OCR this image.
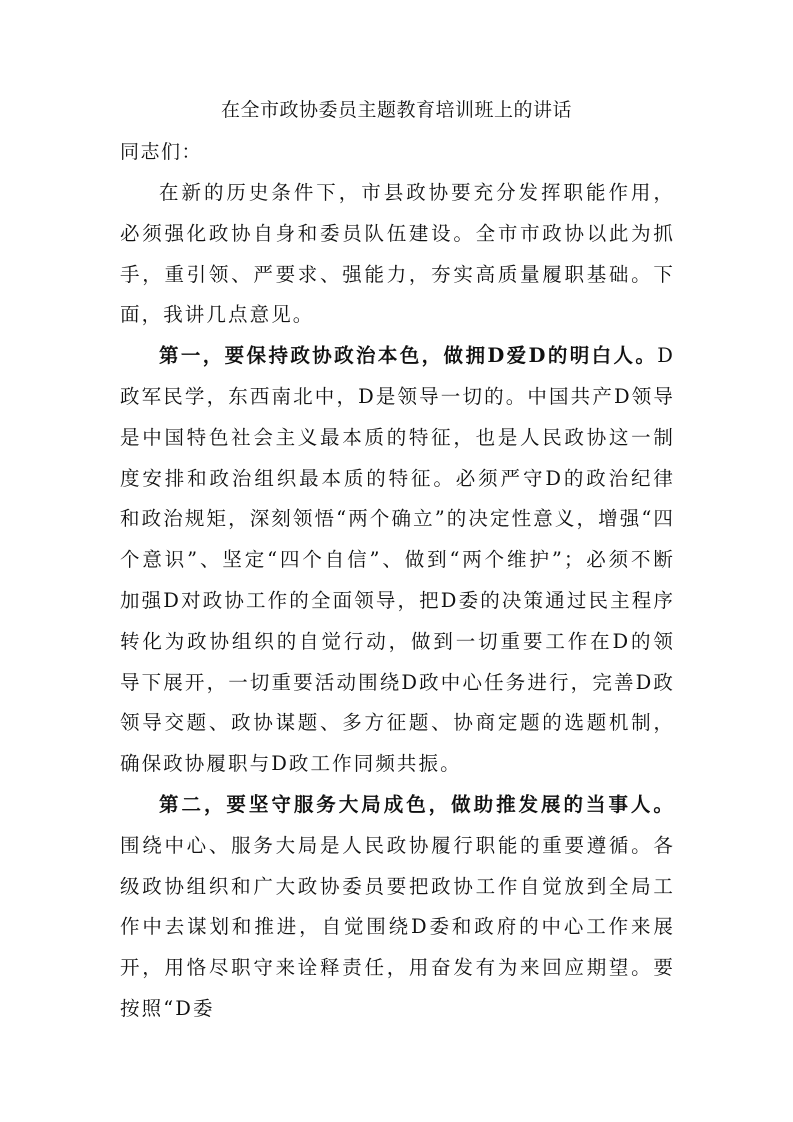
在全市政协委员主题教育培训班上的讲话
同志们：

在新的历史条件下，市县政协要充分发挥职能作用，必须强化政协自身和委员队伍建设。全市市政协以此为抓手，重引领、严要求、强能力，夯实高质量履职基础。下面，我讲几点意见。

第一，要保持政协政治本色，做拥D爱D的明白人。D政军民学，东西南北中，D是领导一切的。中国共产D领导是中国特色社会主义最本质的特征，也是人民政协这一制度安排和政治组织最本质的特征。必须严守D的政治纪律和政治规矩，深刻领悟“两个确立”的决定性意义，增强“四个意识”、坚定“四个自信”、做到“两个维护”；必须不断加强D对政协工作的全面领导，把D委的决策通过民主程序转化为政协组织的自觉行动，做到一切重要工作在D的领导下展开，一切重要活动围绕D政中心任务进行，完善D政领导交题、政协谋题、多方征题、协商定题的选题机制，确保政协履职与D政工作同频共振。

第二，要坚守服务大局成色，做助推发展的当事人。围绕中心、服务大局是人民政协履行职能的重要遵循。各级政协组织和广大政协委员要把政协工作自觉放到全局工作中去谋划和推进，自觉围绕D委和政府的中心工作来展开，用恪尽职守来诠释责任，用奋发有为来回应期望。要按照“D委
